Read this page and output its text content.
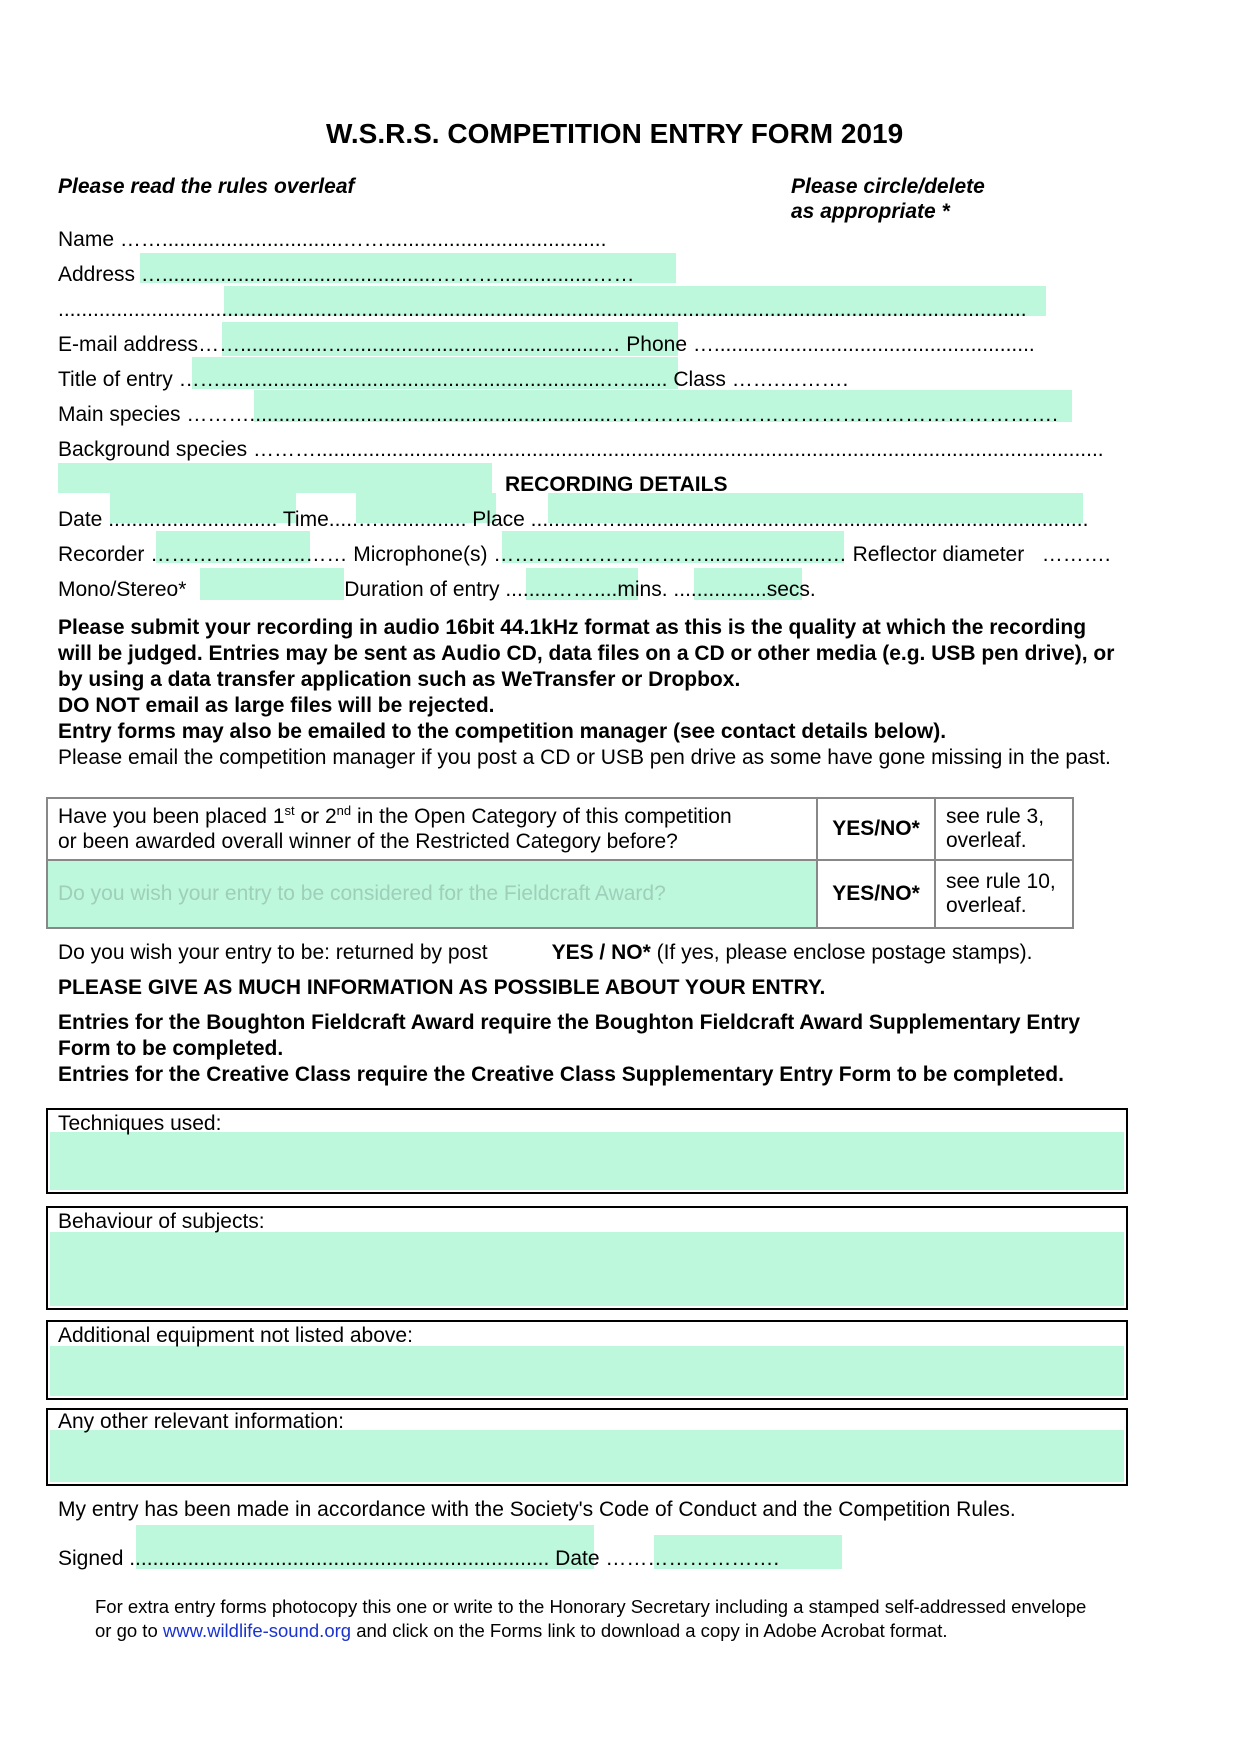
W.S.R.S. COMPETITION ENTRY FORM 2019
Please read the rules overleaf	Please circle/delete
as appropriate *
Name ……...............................……......................................
Address …...............................................………................……
......................................................................................................................................................................
E-mail address……...............…...........................................… Phone ….......................................................
Title of entry ……..................................................................…....... Class …….……….
Main species ………..............................................................……………………………………………………….
Background species ……….......................................................................................................................................
RECORDING DETAILS
Date ............................. Time.....…............... Place ...........….................................................................................
Recorder ……………...…..…… Microphone(s) ………………………….....................… Reflector diameter   ……….
Mono/Stereo*	Duration of entry ........……....mins. ................secs.
Please submit your recording in audio 16bit 44.1kHz format as this is the quality at which the recording
will be judged. Entries may be sent as Audio CD, data files on a CD or other media (e.g. USB pen drive), or
by using a data transfer application such as WeTransfer or Dropbox.
DO NOT email as large files will be rejected.
Entry forms may also be emailed to the competition manager (see contact details below).
Please email the competition manager if you post a CD or USB pen drive as some have gone missing in the past.
Have you been placed 1st or 2nd in the Open Category of this competition
or been awarded overall winner of the Restricted Category before?	YES/NO*	see rule 3,
overleaf.
Do you wish your entry to be considered for the Fieldcraft Award?	YES/NO*	see rule 10,
overleaf.
Do you wish your entry to be: returned by post	YES / NO* (If yes, please enclose postage stamps).
PLEASE GIVE AS MUCH INFORMATION AS POSSIBLE ABOUT YOUR ENTRY.
Entries for the Boughton Fieldcraft Award require the Boughton Fieldcraft Award Supplementary Entry
Form to be completed.
Entries for the Creative Class require the Creative Class Supplementary Entry Form to be completed.
Techniques used:
Behaviour of subjects:
Additional equipment not listed above:
Any other relevant information:
My entry has been made in accordance with the Society's Code of Conduct and the Competition Rules.
Signed ........................................................................ Date …………………….
For extra entry forms photocopy this one or write to the Honorary Secretary including a stamped self-addressed envelope
or go to www.wildlife-sound.org and click on the Forms link to download a copy in Adobe Acrobat format.
